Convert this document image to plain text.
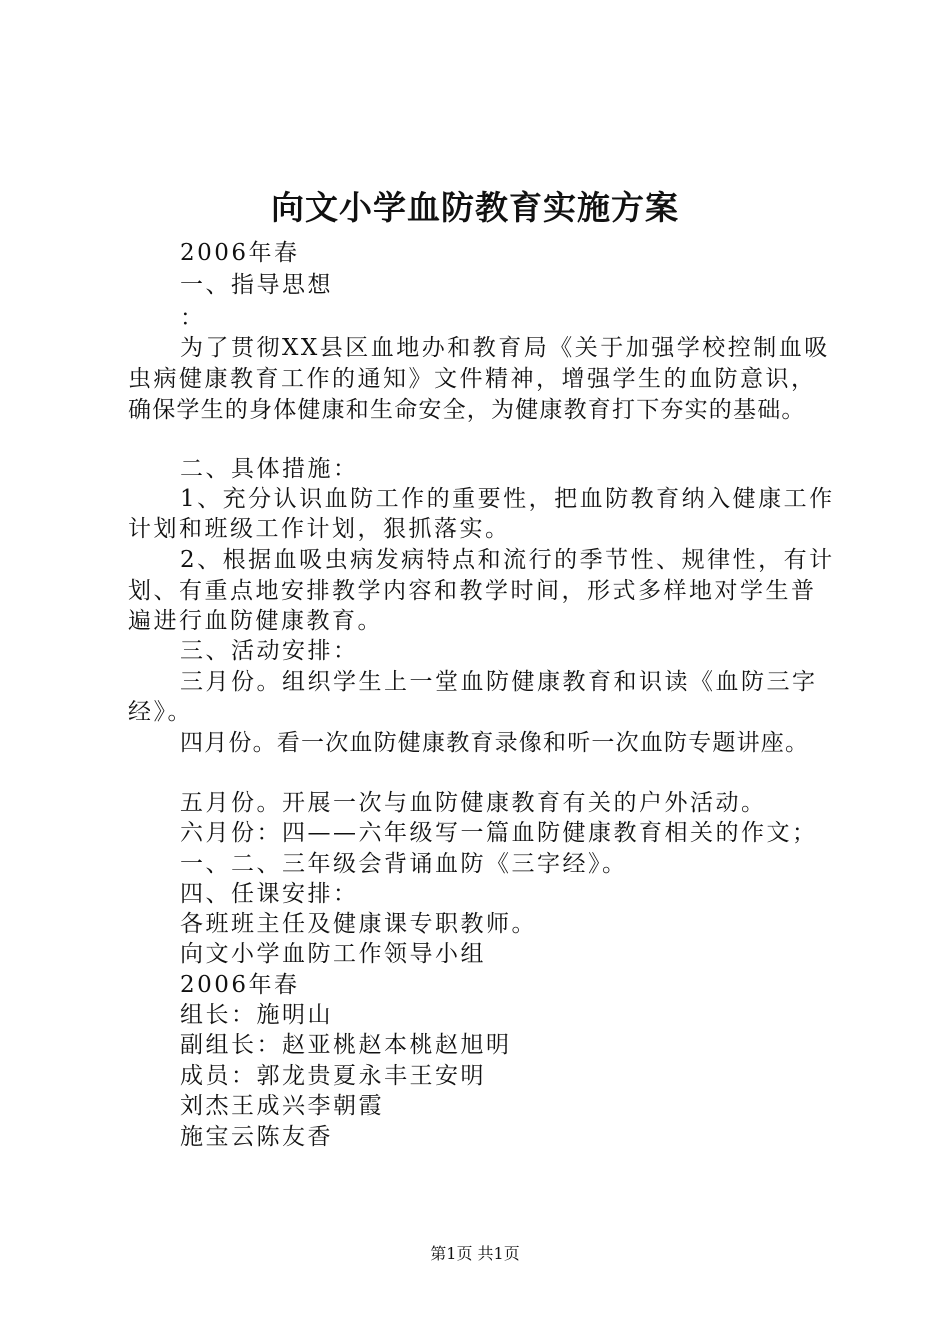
向文小学血防教育实施方案
2006年春
一、指导思想
：
为了贯彻XX县区血地办和教育局《关于加强学校控制血吸
虫病健康教育工作的通知》文件精神，增强学生的血防意识，
确保学生的身体健康和生命安全，为健康教育打下夯实的基础。
二、具体措施：
1、充分认识血防工作的重要性，把血防教育纳入健康工作
计划和班级工作计划，狠抓落实。
2、根据血吸虫病发病特点和流行的季节性、规律性，有计
划、有重点地安排教学内容和教学时间，形式多样地对学生普
遍进行血防健康教育。
三、活动安排：
三月份。组织学生上一堂血防健康教育和识读《血防三字
经》。
四月份。看一次血防健康教育录像和听一次血防专题讲座。
五月份。开展一次与血防健康教育有关的户外活动。
六月份：四——六年级写一篇血防健康教育相关的作文；
一、二、三年级会背诵血防《三字经》。
四、任课安排：
各班班主任及健康课专职教师。
向文小学血防工作领导小组
2006年春
组长：施明山
副组长：赵亚桃赵本桃赵旭明
成员：郭龙贵夏永丰王安明
刘杰王成兴李朝霞
施宝云陈友香
第1页 共1页
